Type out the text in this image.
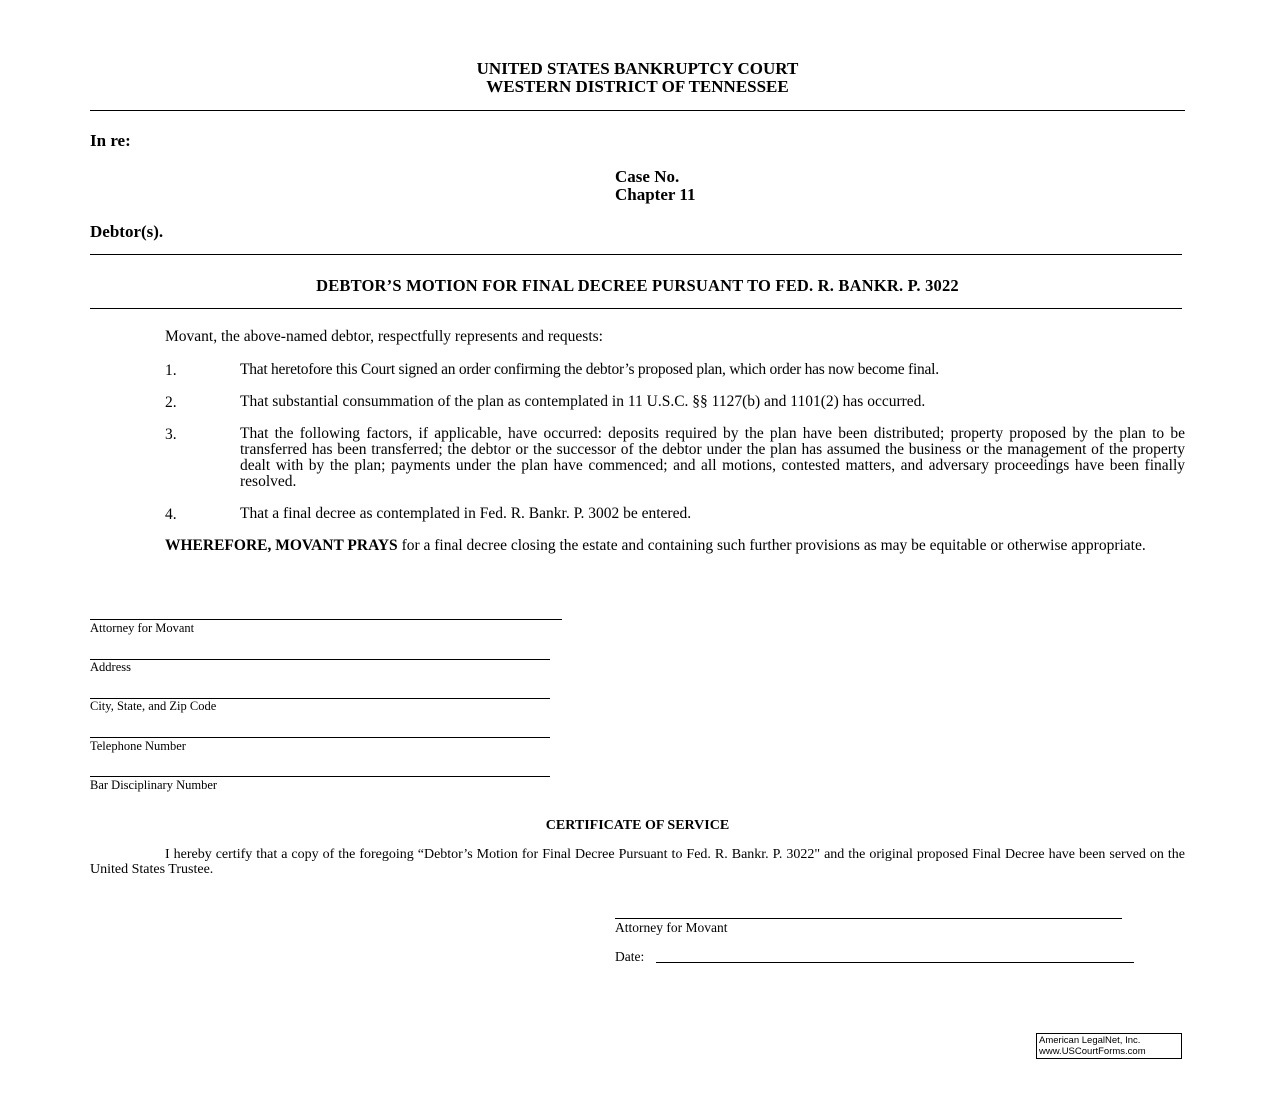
UNITED STATES BANKRUPTCY COURT
WESTERN DISTRICT OF TENNESSEE
In re:
Case No.
Chapter 11
Debtor(s).
DEBTOR’S MOTION FOR FINAL DECREE PURSUANT TO FED. R. BANKR. P. 3022
Movant, the above-named debtor, respectfully represents and requests:
1.	That heretofore this Court signed an order confirming the debtor’s proposed plan, which order has now become final.
2.	That substantial consummation of the plan as contemplated in 11 U.S.C. §§ 1127(b) and 1101(2) has occurred.
3.	That the following factors, if applicable, have occurred: deposits required by the plan have been distributed; property proposed by the plan to be transferred has been transferred; the debtor or the successor of the debtor under the plan has assumed the business or the management of the property dealt with by the plan; payments under the plan have commenced; and all motions, contested matters, and adversary proceedings have been finally resolved.
4.	That a final decree as contemplated in Fed. R. Bankr. P. 3002 be entered.
WHEREFORE, MOVANT PRAYS for a final decree closing the estate and containing such further provisions as may be equitable or otherwise appropriate.
Attorney for Movant
Address
City, State, and Zip Code
Telephone Number
Bar Disciplinary Number
CERTIFICATE OF SERVICE
I hereby certify that a copy of the foregoing “Debtor’s Motion for Final Decree Pursuant to Fed. R. Bankr. P. 3022" and the original proposed Final Decree have been served on the United States Trustee.
Attorney for Movant
Date:
American LegalNet, Inc.
www.USCourtForms.com
